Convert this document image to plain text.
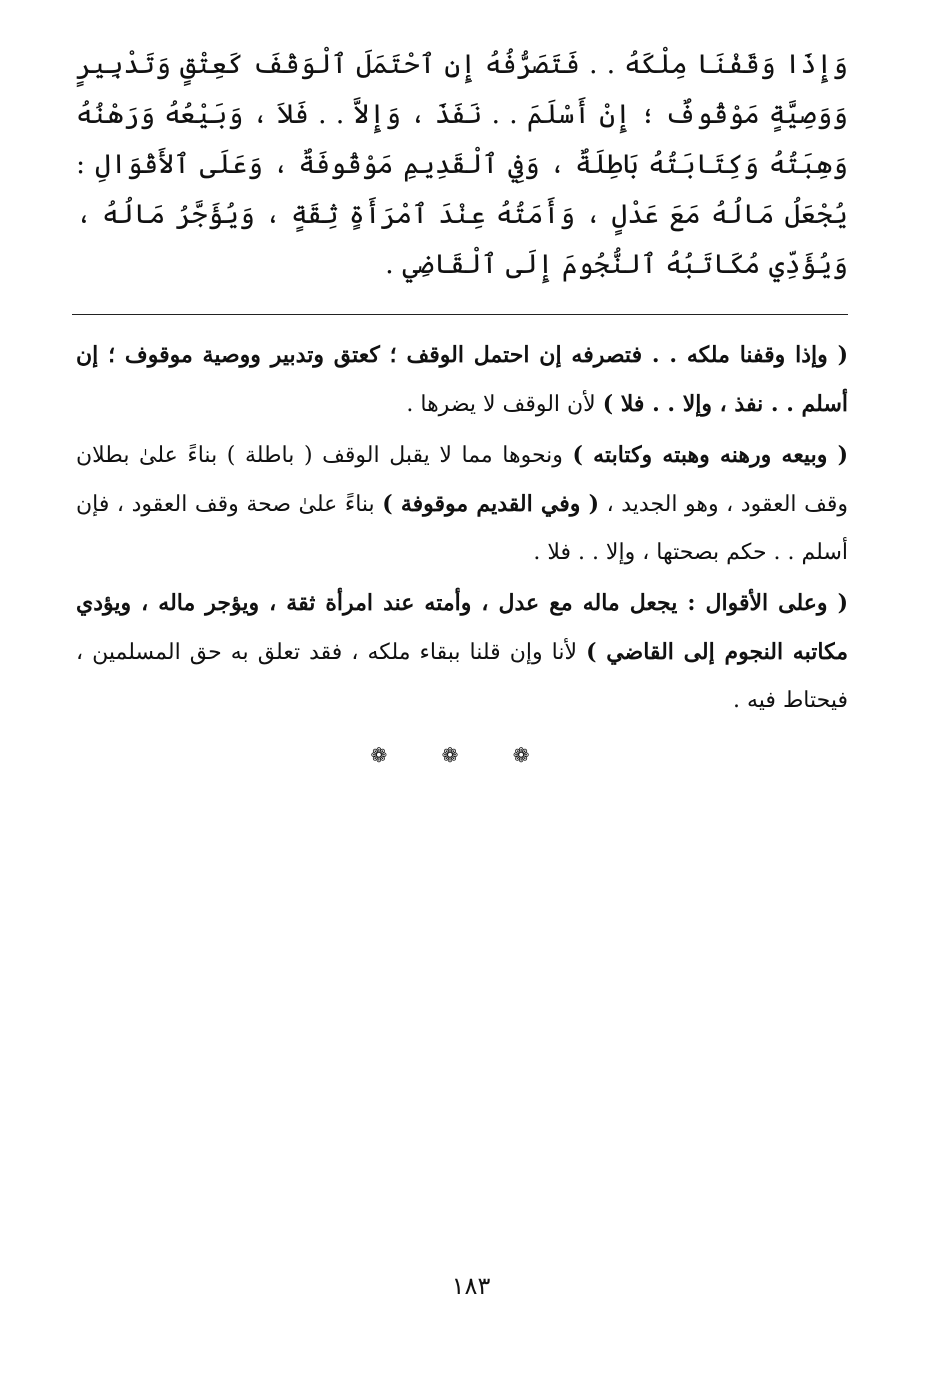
وَإِذَا وَقَفْنَا مِلْكَهُ . . فَتَصَرُّفُهُ إِنِ ٱحْتَمَلَ ٱلْوَقْفَ كَعِتْقٍ وَتَدْبِيرٍ وَوَصِيَّةٍ مَوْقُوفٌ ؛ إِنْ أَسْلَمَ . . نَفَذَ ، وَإِلاَّ . . فَلاَ ، وَبَيْعُهُ وَرَهْنُهُ وَهِبَتُهُ وَكِتَابَتُهُ بَاطِلَةٌ ، وَفِي ٱلْقَدِيمِ مَوْقُوفَةٌ ، وَعَلَى ٱلأَقْوَالِ : يُجْعَلُ مَالُهُ مَعَ عَدْلٍ ، وَأَمَتُهُ عِنْدَ ٱمْرَأَةٍ ثِقَةٍ ، وَيُؤَجَّرُ مَالُهُ ، وَيُؤَدِّي مُكَاتَبُهُ ٱلنُّجُومَ إِلَى ٱلْقَاضِي .

( وإذا وقفنا ملكه . . فتصرفه إن احتمل الوقف ؛ كعتق وتدبير ووصية موقوف ؛ إن أسلم . . نفذ ، وإلا . . فلا ) لأن الوقف لا يضرها .

( وبيعه ورهنه وهبته وكتابته ) ونحوها مما لا يقبل الوقف ( باطلة ) بناءً علىٰ بطلان وقف العقود ، وهو الجديد ، ( وفي القديم موقوفة ) بناءً علىٰ صحة وقف العقود ، فإن أسلم . . حكم بصحتها ، وإلا . . فلا .

( وعلى الأقوال : يجعل ماله مع عدل ، وأمته عند امرأة ثقة ، ويؤجر ماله ، ويؤدي مكاتبه النجوم إلى القاضي ) لأنا وإن قلنا ببقاء ملكه ، فقد تعلق به حق المسلمين ، فيحتاط فيه .

❁ ❁ ❁
١٨٣
